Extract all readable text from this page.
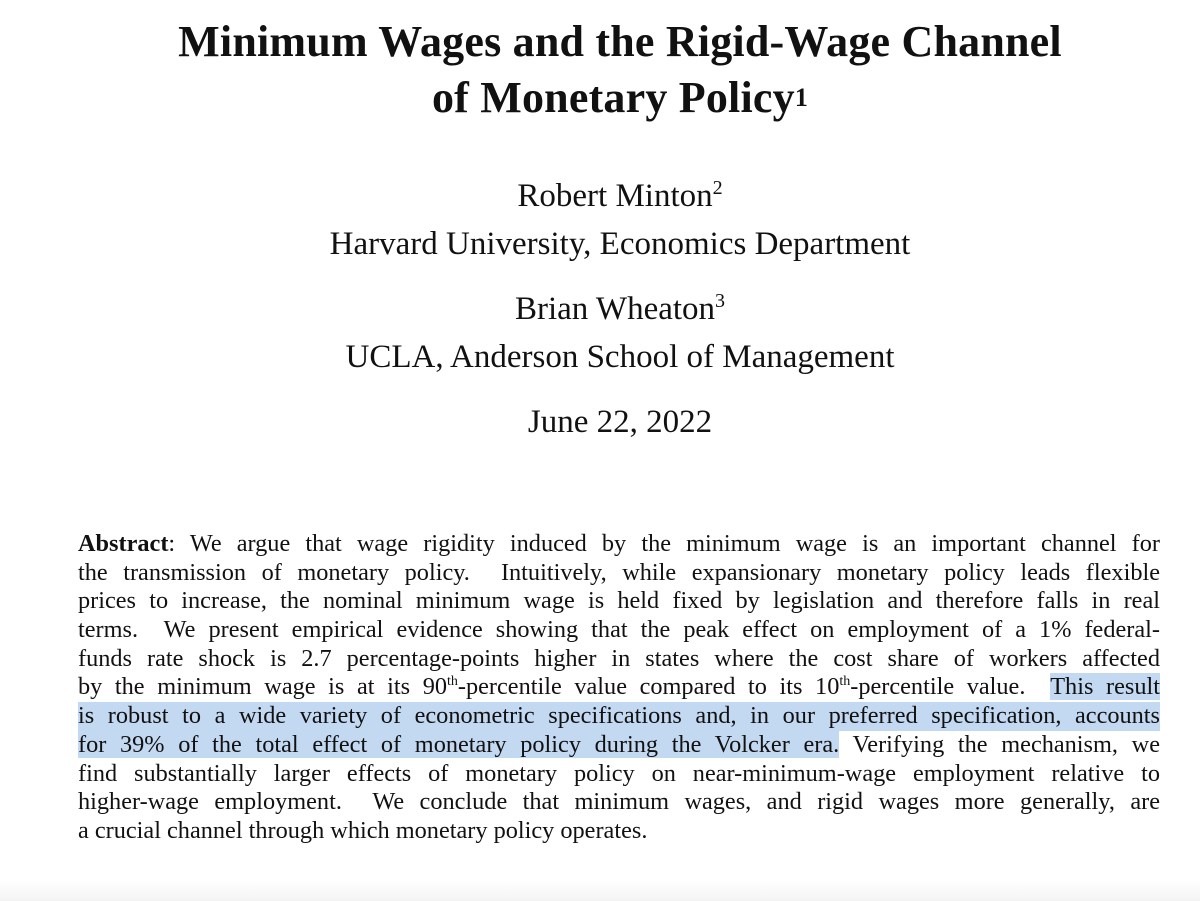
Minimum Wages and the Rigid-Wage Channel
of Monetary Policy$^1$
Robert Minton$^2$
Harvard University, Economics Department
Brian Wheaton$^3$
UCLA, Anderson School of Management
June 22, 2022
Abstract: We argue that wage rigidity induced by the minimum wage is an important channel for
the transmission of monetary policy.  Intuitively, while expansionary monetary policy leads flexible
prices to increase, the nominal minimum wage is held fixed by legislation and therefore falls in real
terms.  We present empirical evidence showing that the peak effect on employment of a 1% federal-
funds rate shock is 2.7 percentage-points higher in states where the cost share of workers affected
by the minimum wage is at its 90th-percentile value compared to its 10th-percentile value.  This result
is robust to a wide variety of econometric specifications and, in our preferred specification, accounts
for 39% of the total effect of monetary policy during the Volcker era. Verifying the mechanism, we
find substantially larger effects of monetary policy on near-minimum-wage employment relative to
higher-wage employment.  We conclude that minimum wages, and rigid wages more generally, are
a crucial channel through which monetary policy operates.
